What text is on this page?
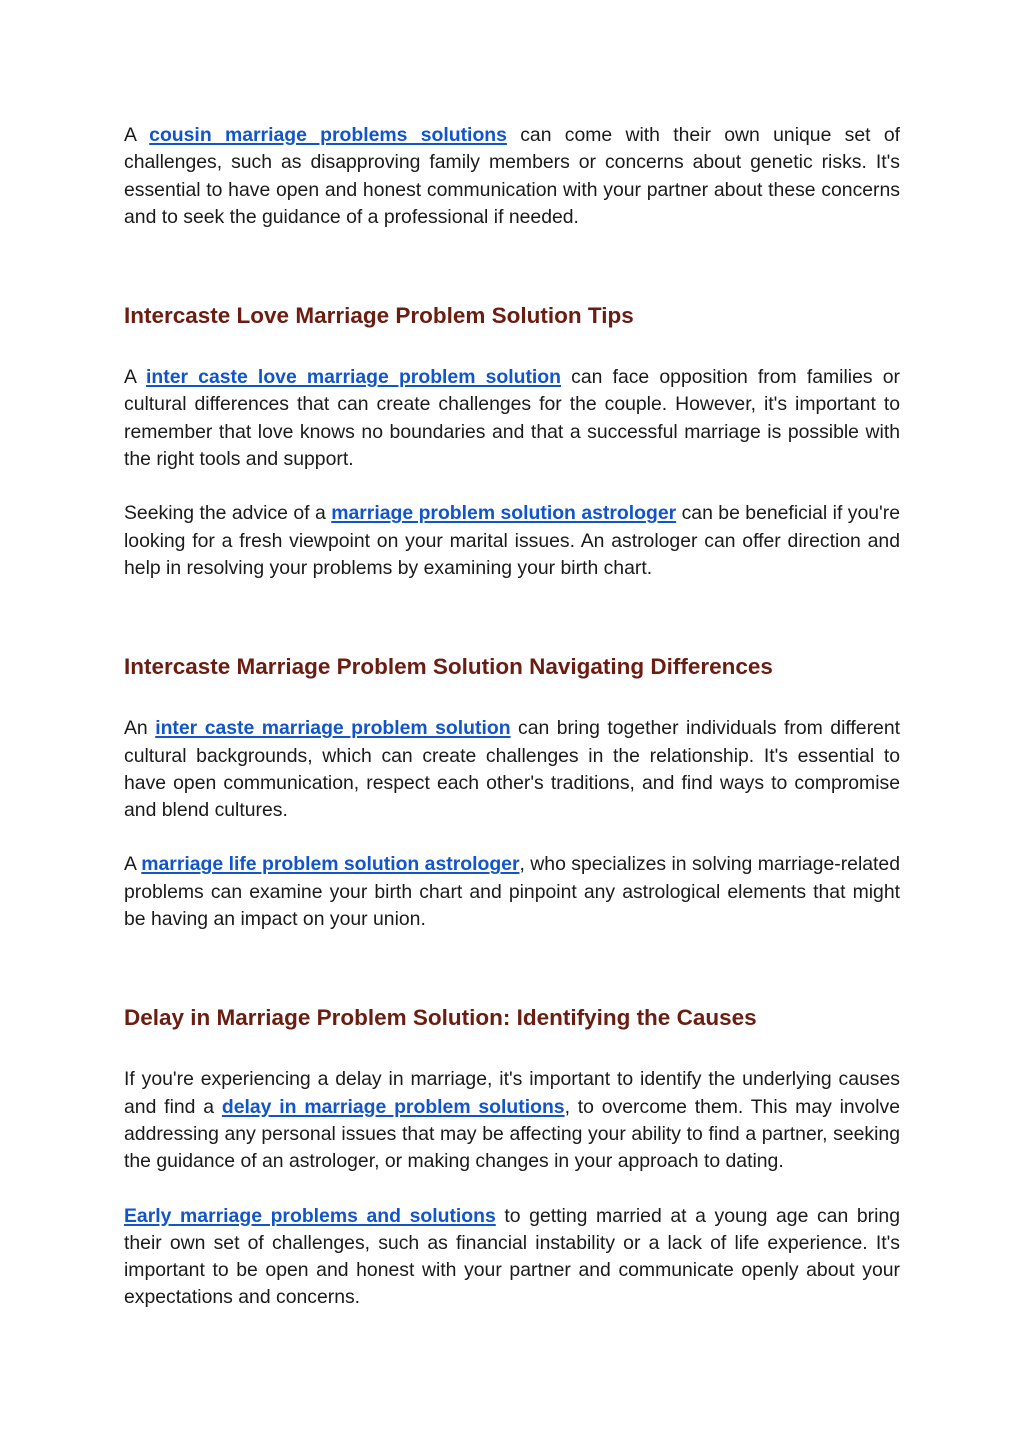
A cousin marriage problems solutions can come with their own unique set of challenges, such as disapproving family members or concerns about genetic risks. It's essential to have open and honest communication with your partner about these concerns and to seek the guidance of a professional if needed.

Intercaste Love Marriage Problem Solution Tips

A inter caste love marriage problem solution can face opposition from families or cultural differences that can create challenges for the couple. However, it's important to remember that love knows no boundaries and that a successful marriage is possible with the right tools and support.

Seeking the advice of a marriage problem solution astrologer can be beneficial if you're looking for a fresh viewpoint on your marital issues. An astrologer can offer direction and help in resolving your problems by examining your birth chart.

Intercaste Marriage Problem Solution Navigating Differences

An inter caste marriage problem solution can bring together individuals from different cultural backgrounds, which can create challenges in the relationship. It's essential to have open communication, respect each other's traditions, and find ways to compromise and blend cultures.

A marriage life problem solution astrologer, who specializes in solving marriage-related problems can examine your birth chart and pinpoint any astrological elements that might be having an impact on your union.

Delay in Marriage Problem Solution: Identifying the Causes

If you're experiencing a delay in marriage, it's important to identify the underlying causes and find a delay in marriage problem solutions, to overcome them. This may involve addressing any personal issues that may be affecting your ability to find a partner, seeking the guidance of an astrologer, or making changes in your approach to dating.

Early marriage problems and solutions to getting married at a young age can bring their own set of challenges, such as financial instability or a lack of life experience. It's important to be open and honest with your partner and communicate openly about your expectations and concerns.
